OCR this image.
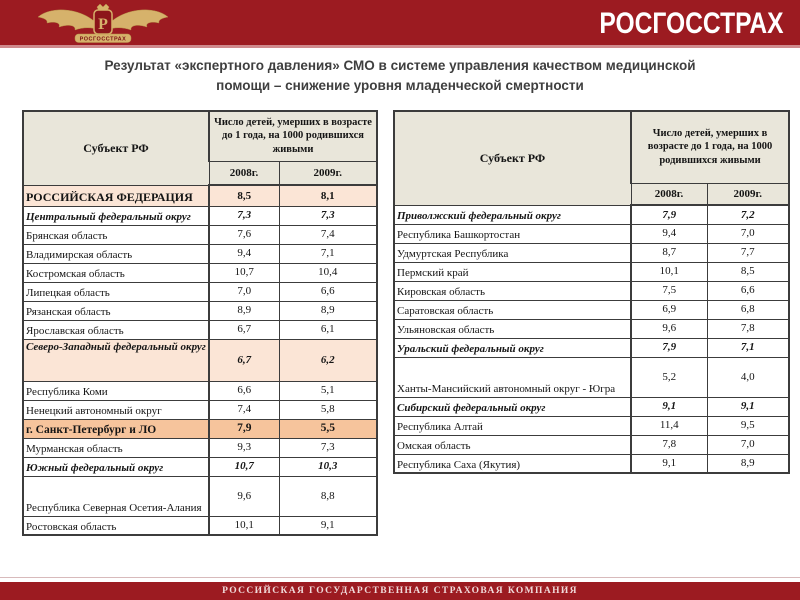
Р
РОСГОССТРАХ	РОСГОССТРАХ
Результат «экспертного давления» СМО в системе управления качеством медицинской
помощи – снижение уровня младенческой смертности
Субъект РФ	Число детей, умерших в возрасте до 1 года, на 1000 родившихся живыми	
	2008г.	2009г.
РОССИЙСКАЯ ФЕДЕРАЦИЯ	8,5	8,1
Центральный федеральный округ	7,3	7,3
Брянская область	7,6	7,4
Владимирская область	9,4	7,1
Костромская область	10,7	10,4
Липецкая область	7,0	6,6
Рязанская область	8,9	8,9
Ярославская область	6,7	6,1
Северо-Западный федеральный округ	6,7	6,2
Республика Коми	6,6	5,1
Ненецкий автономный округ	7,4	5,8
г. Санкт-Петербург и ЛО	7,9	5,5
Мурманская область	9,3	7,3
Южный федеральный округ	10,7	10,3
Республика Северная Осетия-Алания	9,6	8,8
Ростовская область	10,1	9,1
Субъект РФ	Число детей, умерших в возрасте до 1 года, на 1000 родившихся живыми	
	2008г.	2009г.
Приволжский федеральный округ	7,9	7,2
Республика Башкортостан	9,4	7,0
Удмуртская Республика	8,7	7,7
Пермский край	10,1	8,5
Кировская область	7,5	6,6
Саратовская область	6,9	6,8
Ульяновская область	9,6	7,8
Уральский федеральный округ	7,9	7,1
Ханты-Мансийский автономный округ - Югра	5,2	4,0
Сибирский федеральный округ	9,1	9,1
Республика Алтай	11,4	9,5
Омская область	7,8	7,0
Республика Саха (Якутия)	9,1	8,9
РОССИЙСКАЯ ГОСУДАРСТВЕННАЯ СТРАХОВАЯ КОМПАНИЯ
